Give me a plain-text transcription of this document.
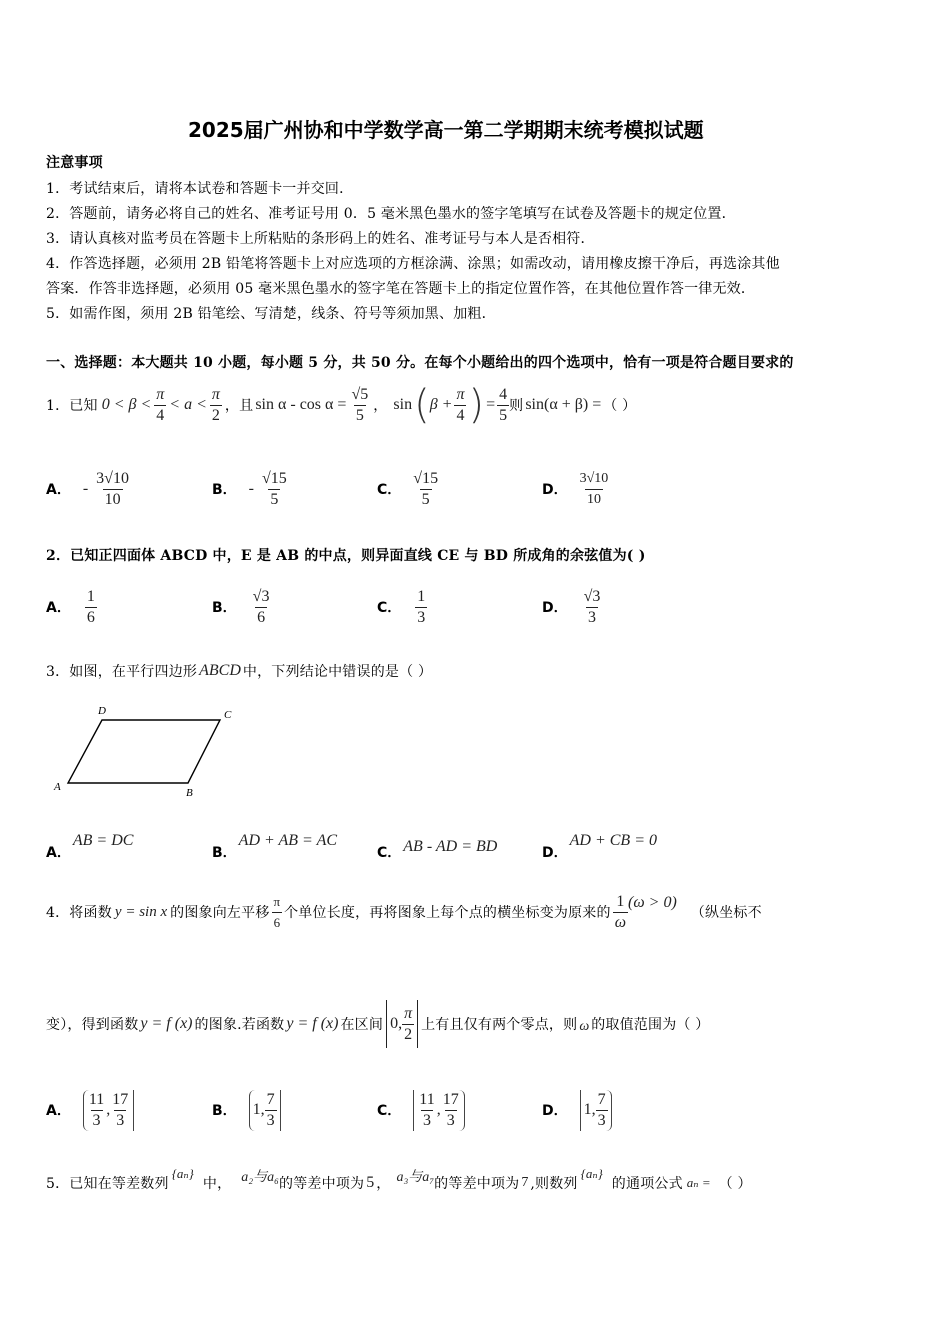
2025届广州协和中学数学高一第二学期期末统考模拟试题
注意事项
1．考试结束后，请将本试卷和答题卡一并交回．
2．答题前，请务必将自己的姓名、准考证号用 0．5 毫米黑色墨水的签字笔填写在试卷及答题卡的规定位置．
3．请认真核对监考员在答题卡上所粘贴的条形码上的姓名、准考证号与本人是否相符．
4．作答选择题，必须用 2B 铅笔将答题卡上对应选项的方框涂满、涂黑；如需改动，请用橡皮擦干净后，再选涂其他
答案．作答非选择题，必须用 05 毫米黑色墨水的签字笔在答题卡上的指定位置作答，在其他位置作答一律无效．
5．如需作图，须用 2B 铅笔绘、写清楚，线条、符号等须加黑、加粗．
一、选择题：本大题共 10 小题，每小题 5 分，共 50 分。在每个小题给出的四个选项中，恰有一项是符合题目要求的
1．已知 $0 < \beta < \frac{\pi}{4} < a < \frac{\pi}{2}$ ，且 $\sin \alpha - \cos \alpha = \frac{√5}{5}$ ， sin ( $\beta + \frac{\pi}{4}$ ) = $\frac{4}{5}$ 则 sin(α + β) = （ ）
A． - $\frac{3√10}{10}$	B． - $\frac{√15}{5}$	C． $\frac{√15}{5}$	D． $\frac{3√10}{10}$
2．已知正四面体 ABCD 中，E 是 AB 的中点，则异面直线 CE 与 BD 所成角的余弦值为( )
A． $\frac{1}{6}$	B． $\frac{√3}{6}$	C． $\frac{1}{3}$	D． $\frac{√3}{3}$
3．如图，在平行四边形 ABCD 中，下列结论中错误的是（ ）
D	C
A	B
A．
AB = DC
B．
AD + AB = AC
C． AB - AD = BD	D．
AD + CB = 0
4．将函数 y = sin x 的图象向左平移 $\frac{\pi}{6}$ 个单位长度，再将图象上每个点的横坐标变为原来的 $\frac{1}{\omega} (\omega > 0)$
（纵坐标不
变），得到函数 y = f (x) 的图象.若函数 y = f (x) 在区间 0, $\frac{\pi}{2}$ 上有且仅有两个零点，则 ω 的取值范围为（ ）
A． $\frac{11}{3}$ , $\frac{17}{3}$	B． 1 , $\frac{7}{3}$	C． $\frac{11}{3}$ , $\frac{17}{3}$	D． 1 , $\frac{7}{3}$
5．已知在等差数列
{aₙ}
中， a₂与a₆ 的等差中项为 5 ， a₃与a₇ 的等差中项为 7 ,则数列
{aₙ}
的通项公式 aₙ = （ ）
